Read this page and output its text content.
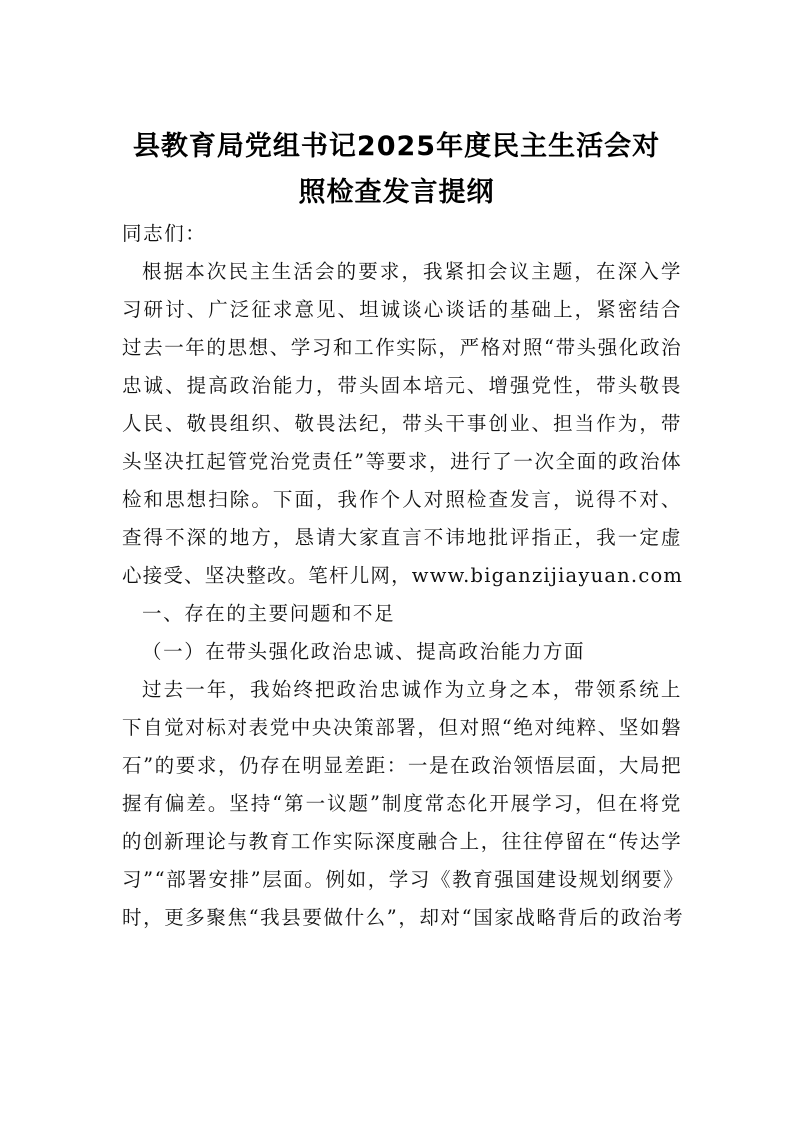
县教育局党组书记2025年度民主生活会对
照检查发言提纲
同志们：
根据本次民主生活会的要求，我紧扣会议主题，在深入学
习研讨、广泛征求意见、坦诚谈心谈话的基础上，紧密结合
过去一年的思想、学习和工作实际，严格对照“带头强化政治
忠诚、提高政治能力，带头固本培元、增强党性，带头敬畏
人民、敬畏组织、敬畏法纪，带头干事创业、担当作为，带
头坚决扛起管党治党责任”等要求，进行了一次全面的政治体
检和思想扫除。下面，我作个人对照检查发言，说得不对、
查得不深的地方，恳请大家直言不讳地批评指正，我一定虚
心接受、坚决整改。笔杆儿网，www.biganzijiayuan.com
一、存在的主要问题和不足
（一）在带头强化政治忠诚、提高政治能力方面
过去一年，我始终把政治忠诚作为立身之本，带领系统上
下自觉对标对表党中央决策部署，但对照“绝对纯粹、坚如磐
石”的要求，仍存在明显差距：一是在政治领悟层面，大局把
握有偏差。坚持“第一议题”制度常态化开展学习，但在将党
的创新理论与教育工作实际深度融合上，往往停留在“传达学
习”“部署安排”层面。例如，学习《教育强国建设规划纲要》
时，更多聚焦“我县要做什么”，却对“国家战略背后的政治考
